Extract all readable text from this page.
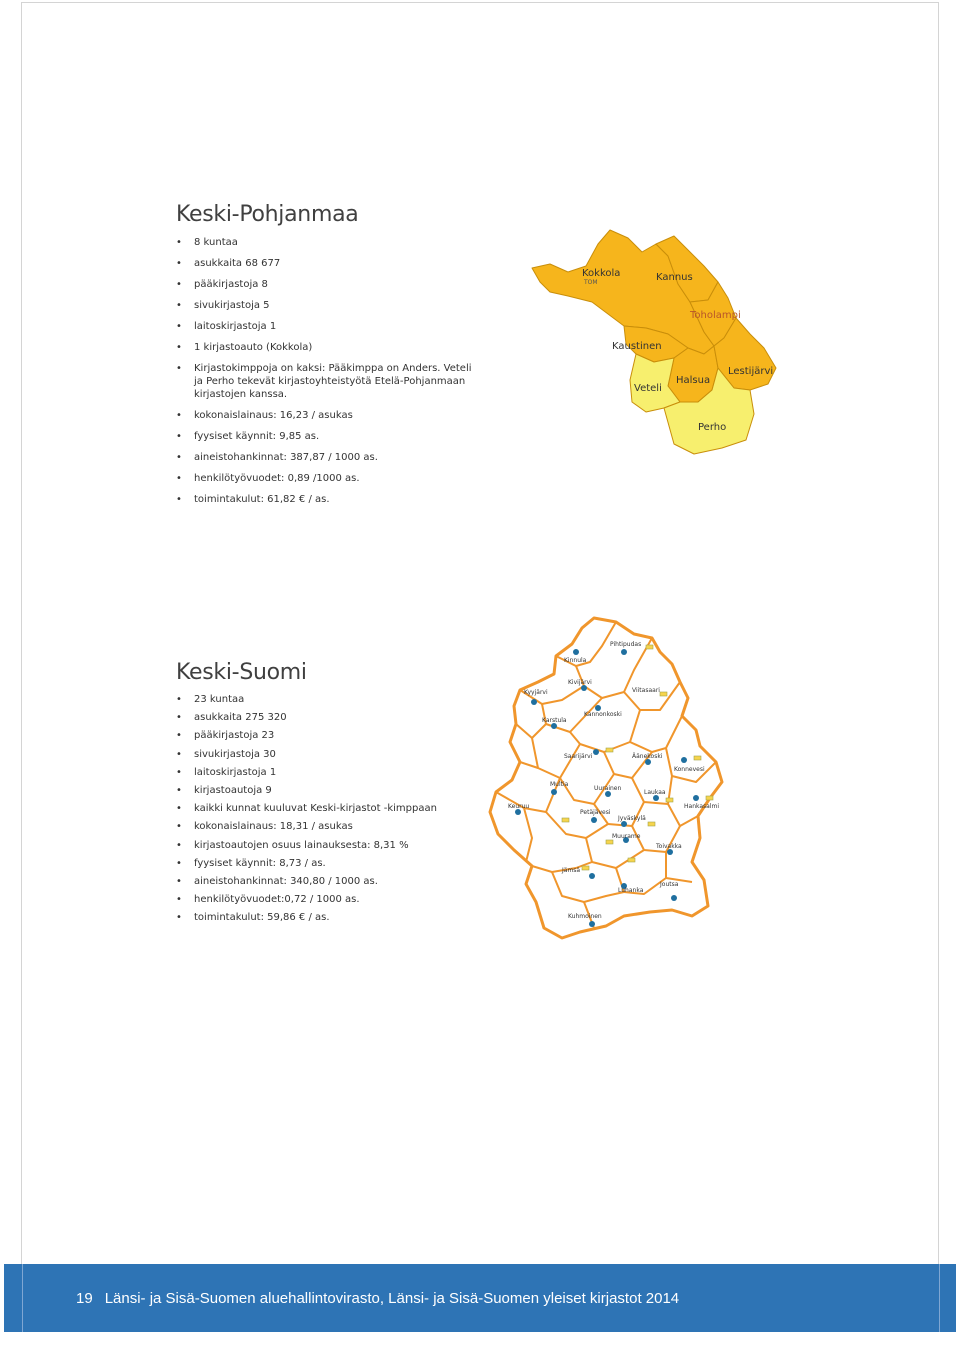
Keski-Pohjanmaa
• 8 kuntaa
• asukkaita 68 677
• pääkirjastoja 8
• sivukirjastoja 5
• laitoskirjastoja 1
• 1 kirjastoauto (Kokkola)
• Kirjastokimppoja on kaksi: Pääkimppa on Anders. Veteli ja Perho tekevät kirjastoyhteistyötä Etelä-Pohjanmaan kirjastojen kanssa.
• kokonaislainaus: 16,23 / asukas
• fyysiset käynnit: 9,85 as.
• aineistohankinnat: 387,87 / 1000 as.
• henkilötyövuodet: 0,89 /1000 as.
• toimintakulut: 61,82 € / as.
Kokkola
TOM	Kannus
Toholampi
Kaustinen
Veteli
Halsua
Lestijärvi
Perho
Keski-Suomi
• 23 kuntaa
• asukkaita 275 320
• pääkirjastoja 23
• sivukirjastoja 30
• laitoskirjastoja 1
• kirjastoautoja 9
• kaikki kunnat kuuluvat Keski-kirjastot -kimppaan
• kokonaislainaus: 18,31 / asukas
• kirjastoautojen osuus lainauksesta: 8,31 %
• fyysiset käynnit: 8,73 / as.
• aineistohankinnat: 340,80 / 1000 as.
• henkilötyövuodet:0,72 / 1000 as.
• toimintakulut: 59,86 € / as.
Pihtipudas
Kinnula
Kivijärvi
Viitasaari
Kyyjärvi
Kannonkoski
Karstula
Saarijärvi	Äänekoski
Konnevesi
Multia
Uurainen
Laukaa
Keuruu
Petäjävesi
Jyväskylä
Hankasalmi
Muurame
Toivakka
Jämsä
Luhanka
Joutsa
Kuhmoinen
19 Länsi- ja Sisä-Suomen aluehallintovirasto, Länsi- ja Sisä-Suomen yleiset kirjastot 2014
